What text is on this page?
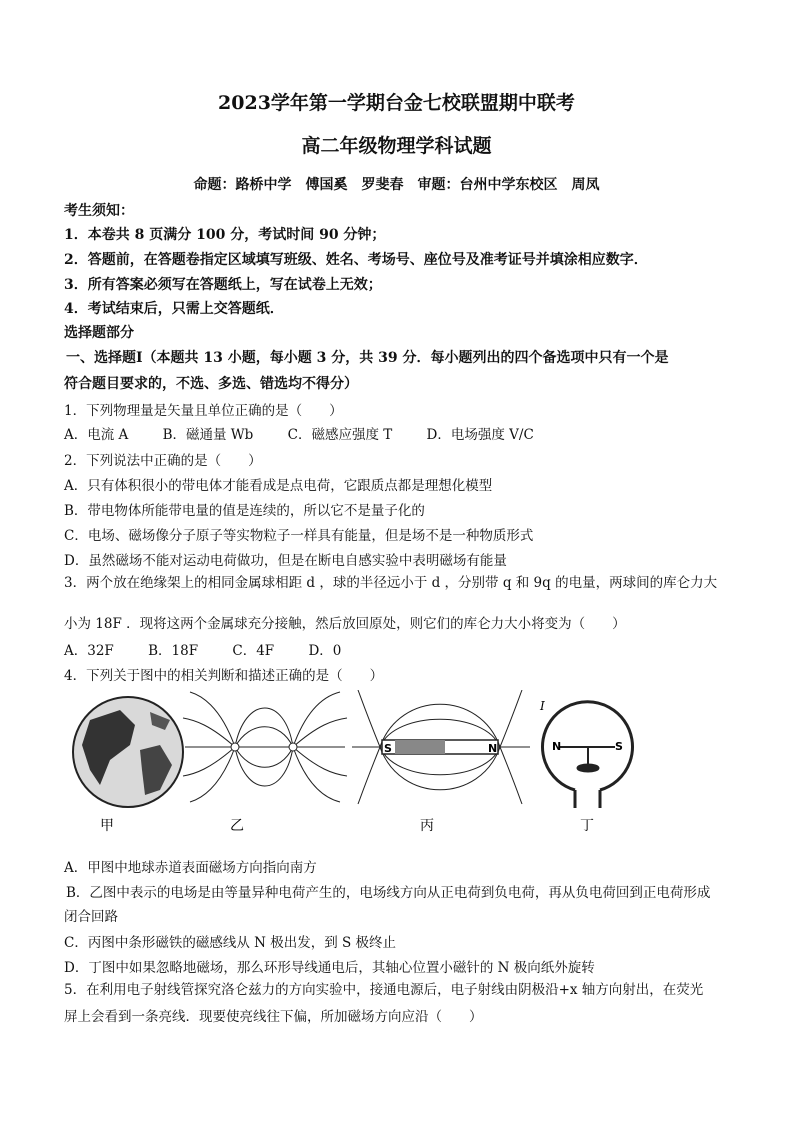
2023学年第一学期台金七校联盟期中联考
高二年级物理学科试题
命题：路桥中学　傅国奚　罗斐春　审题：台州中学东校区　周凤
考生须知：
1．本卷共 8 页满分 100 分，考试时间 90 分钟；
2．答题前，在答题卷指定区域填写班级、姓名、考场号、座位号及准考证号并填涂相应数字．
3．所有答案必须写在答题纸上，写在试卷上无效；
4．考试结束后，只需上交答题纸．
选择题部分
一、选择题Ⅰ（本题共 13 小题，每小题 3 分，共 39 分．每小题列出的四个备选项中只有一个是
符合题目要求的，不选、多选、错选均不得分）
1．下列物理量是矢量且单位正确的是（　　）
A．电流 A	B．磁通量 Wb	C．磁感应强度 T	D．电场强度 V/C
2．下列说法中正确的是（　　）
A．只有体积很小的带电体才能看成是点电荷，它跟质点都是理想化模型
B．带电物体所能带电量的值是连续的，所以它不是量子化的
C．电场、磁场像分子原子等实物粒子一样具有能量，但是场不是一种物质形式
D．虽然磁场不能对运动电荷做功，但是在断电自感实验中表明磁场有能量
3．两个放在绝缘架上的相同金属球相距 d ，球的半径远小于 d ，分别带 q 和 9q 的电量，两球间的库仑力大
小为 18F ．现将这两个金属球充分接触，然后放回原处，则它们的库仑力大小将变为（　　）
A．32F	B．18F	C．4F	D．0
4．下列关于图中的相关判断和描述正确的是（　　）
甲	乙
S	N
丙
N	S
I
丁
A．甲图中地球赤道表面磁场方向指向南方
B．乙图中表示的电场是由等量异种电荷产生的，电场线方向从正电荷到负电荷，再从负电荷回到正电荷形成
闭合回路
C．丙图中条形磁铁的磁感线从 N 极出发，到 S 极终止
D．丁图中如果忽略地磁场，那么环形导线通电后，其轴心位置小磁针的 N 极向纸外旋转
5．在利用电子射线管探究洛仑兹力的方向实验中，接通电源后，电子射线由阴极沿+x 轴方向射出，在荧光
屏上会看到一条亮线．现要使亮线往下偏，所加磁场方向应沿（　　）
